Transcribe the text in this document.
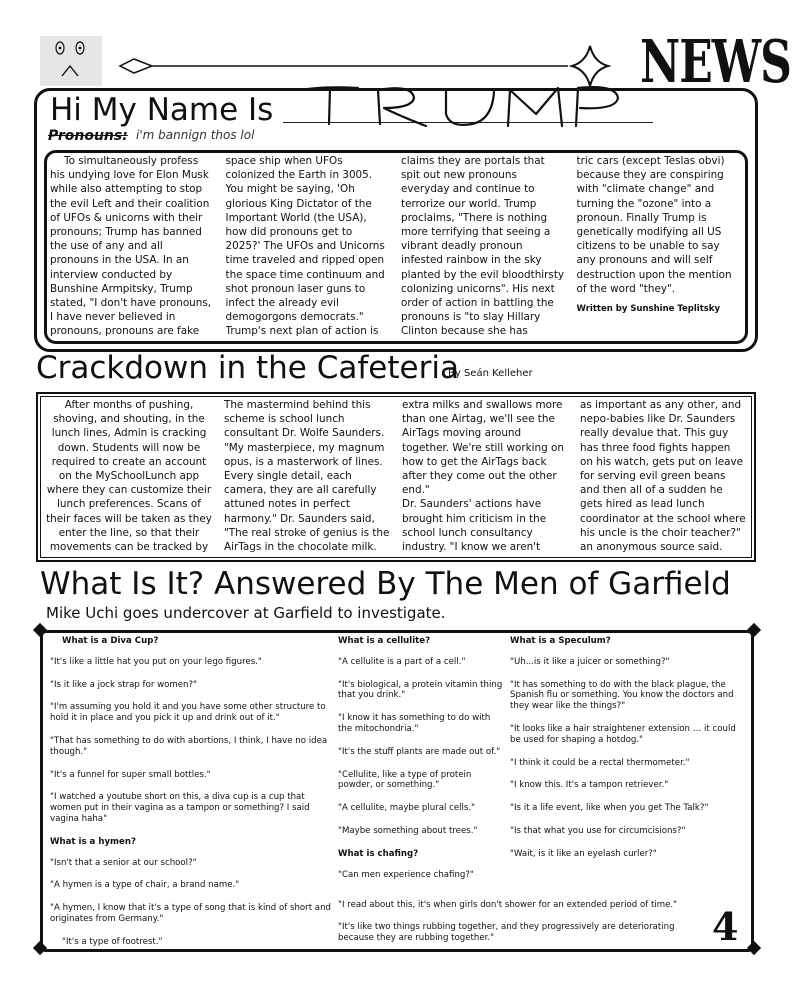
NEWS
Hi My Name Is
Pronouns: i'm bannign thos lol
To simultaneously profess his undying love for Elon Musk while also attempting to stop the evil Left and their coalition of UFOs & unicorns with their pronouns; Trump has banned the use of any and all pronouns in the USA. In an interview conducted by Bunshine Armpitsky, Trump stated, "I don't have pronouns, I have never believed in pronouns, pronouns are fake
space ship when UFOs colonized the Earth in 3005. You might be saying, 'Oh glorious King Dictator of the Important World (the USA), how did pronouns get to 2025?' The UFOs and Unicorns time traveled and ripped open the space time continuum and shot pronoun laser guns to infect the already evil demogorgons democrats." Trump's next plan of action is
claims they are portals that spit out new pronouns everyday and continue to terrorize our world. Trump proclaims, "There is nothing more terrifying that seeing a vibrant deadly pronoun infested rainbow in the sky planted by the evil bloodthirsty colonizing unicorns". His next order of action in battling the pronouns is "to slay Hillary Clinton because she has
tric cars (except Teslas obvi) because they are conspiring with "climate change" and turning the "ozone" into a pronoun. Finally Trump is genetically modifying all US citizens to be unable to say any pronouns and will self destruction upon the mention of the word "they".
Written by Sunshine Teplitsky
Crackdown in the Cafeteria
By Seán Kelleher
After months of pushing, shoving, and shouting, in the lunch lines, Admin is cracking down. Students will now be required to create an account on the MySchoolLunch app where they can customize their lunch preferences. Scans of their faces will be taken as they enter the line, so that their movements can be tracked by
The mastermind behind this scheme is school lunch consultant Dr. Wolfe Saunders. "My masterpiece, my magnum opus, is a masterwork of lines. Every single detail, each camera, they are all carefully attuned notes in perfect harmony." Dr. Saunders said, "The real stroke of genius is the AirTags in the chocolate milk.
extra milks and swallows more than one Airtag, we'll see the AirTags moving around together. We're still working on how to get the AirTags back after they come out the other end."
Dr. Saunders' actions have brought him criticism in the school lunch consultancy industry. "I know we aren't
as important as any other, and nepo-babies like Dr. Saunders really devalue that. This guy has three food fights happen on his watch, gets put on leave for serving evil green beans and then all of a sudden he gets hired as lead lunch coordinator at the school where his uncle is the choir teacher?" an anonymous source said.
What Is It? Answered By The Men of Garfield
Mike Uchi goes undercover at Garfield to investigate.
What is a Diva Cup?
"It's like a little hat you put on your lego figures."
"Is it like a jock strap for women?"
"I'm assuming you hold it and you have some other structure to hold it in place and you pick it up and drink out of it."
"That has something to do with abortions, I think, I have no idea though."
"It's a funnel for super small bottles."
"I watched a youtube short on this, a diva cup is a cup that women put in their vagina as a tampon or something? I said vagina haha"
What is a hymen?
"Isn't that a senior at our school?"
"A hymen is a type of chair, a brand name."
"A hymen, I know that it's a type of song that is kind of short and originates from Germany."
"It's a type of footrest."
What is a cellulite?
"A cellulite is a part of a cell."
"It's biological, a protein vitamin thing that you drink."
"I know it has something to do with the mitochondria."
"It's the stuff plants are made out of."
"Cellulite, like a type of protein powder, or something."
"A cellulite, maybe plural cells."
"Maybe something about trees."
What is chafing?
"Can men experience chafing?"
"I read about this, it's when girls don't shower for an extended period of time."
"It's like two things rubbing together, and they progressively are deteriorating because they are rubbing together."
What is a Speculum?
"Uh...is it like a juicer or something?"
"It has something to do with the black plague, the Spanish flu or something. You know the doctors and they wear like the things?"
"It looks like a hair straightener extension … it could be used for shaping a hotdog."
"I think it could be a rectal thermometer."
"I know this. It's a tampon retriever."
"Is it a life event, like when you get The Talk?"
"Is that what you use for circumcisions?"
"Wait, is it like an eyelash curler?"
4
